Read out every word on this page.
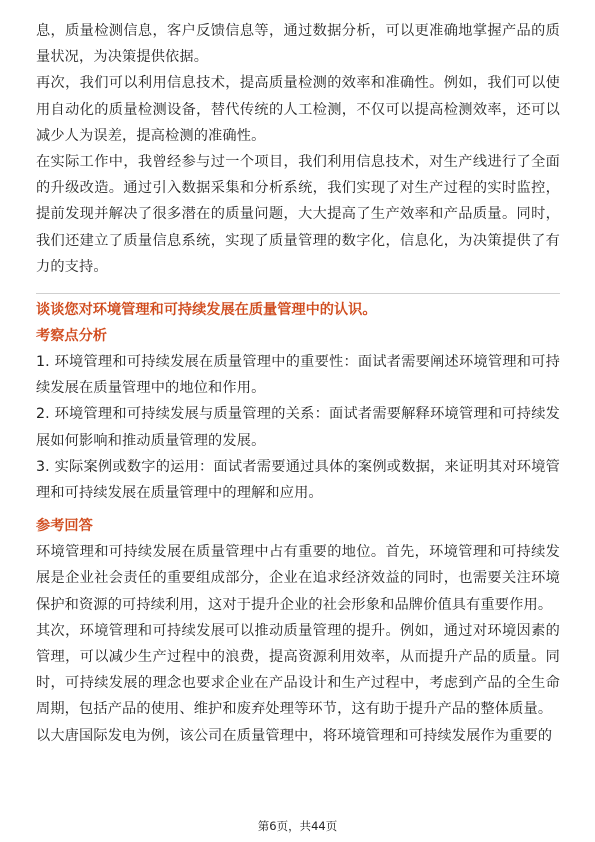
息，质量检测信息，客户反馈信息等，通过数据分析，可以更准确地掌握产品的质量状况，为决策提供依据。

再次，我们可以利用信息技术，提高质量检测的效率和准确性。例如，我们可以使用自动化的质量检测设备，替代传统的人工检测，不仅可以提高检测效率，还可以减少人为误差，提高检测的准确性。

在实际工作中，我曾经参与过一个项目，我们利用信息技术，对生产线进行了全面的升级改造。通过引入数据采集和分析系统，我们实现了对生产过程的实时监控，提前发现并解决了很多潜在的质量问题，大大提高了生产效率和产品质量。同时，我们还建立了质量信息系统，实现了质量管理的数字化，信息化，为决策提供了有力的支持。

谈谈您对环境管理和可持续发展在质量管理中的认识。

考察点分析

1. 环境管理和可持续发展在质量管理中的重要性：面试者需要阐述环境管理和可持续发展在质量管理中的地位和作用。

2. 环境管理和可持续发展与质量管理的关系：面试者需要解释环境管理和可持续发展如何影响和推动质量管理的发展。

3. 实际案例或数字的运用：面试者需要通过具体的案例或数据，来证明其对环境管理和可持续发展在质量管理中的理解和应用。

参考回答

环境管理和可持续发展在质量管理中占有重要的地位。首先，环境管理和可持续发展是企业社会责任的重要组成部分，企业在追求经济效益的同时，也需要关注环境保护和资源的可持续利用，这对于提升企业的社会形象和品牌价值具有重要作用。

其次，环境管理和可持续发展可以推动质量管理的提升。例如，通过对环境因素的管理，可以减少生产过程中的浪费，提高资源利用效率，从而提升产品的质量。同时，可持续发展的理念也要求企业在产品设计和生产过程中，考虑到产品的全生命周期，包括产品的使用、维护和废弃处理等环节，这有助于提升产品的整体质量。

以大唐国际发电为例，该公司在质量管理中，将环境管理和可持续发展作为重要的

第6页，共44页
